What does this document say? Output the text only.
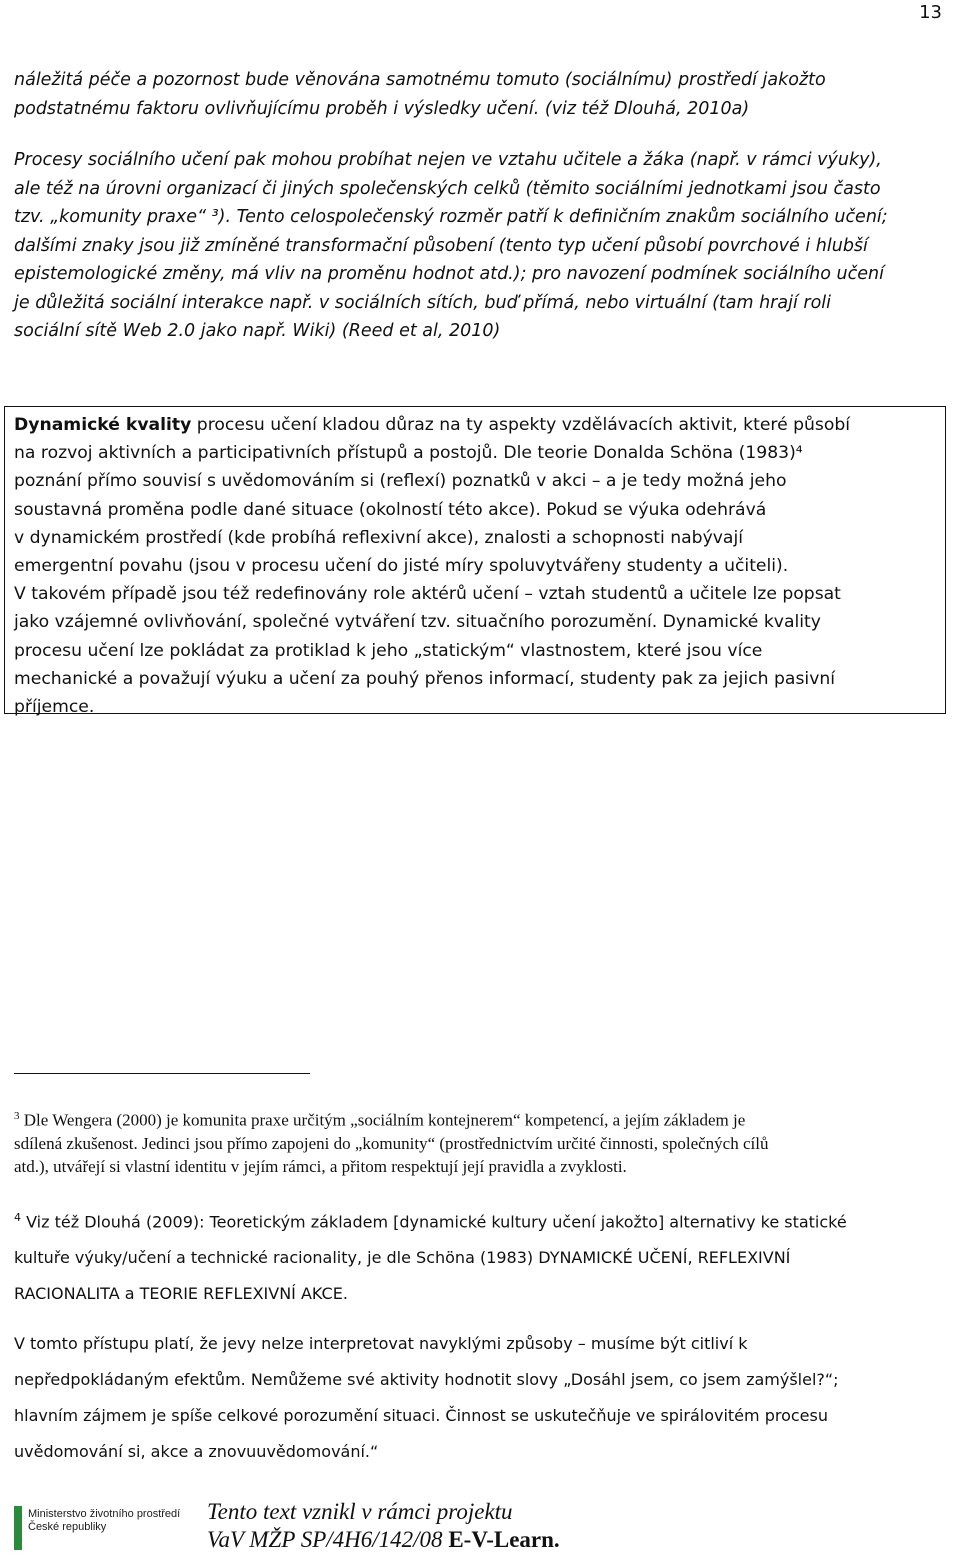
13
náležitá péče a pozornost bude věnována samotnému tomuto (sociálnímu) prostředí jakožto
podstatnému faktoru ovlivňujícímu proběh i výsledky učení. (viz též Dlouhá, 2010a)
Procesy sociálního učení pak mohou probíhat nejen ve vztahu učitele a žáka (např. v rámci výuky),
ale též na úrovni organizací či jiných společenských celků (těmito sociálními jednotkami jsou často
tzv. „komunity praxe“ ³). Tento celospolečenský rozměr patří k definičním znakům sociálního učení;
dalšími znaky jsou již zmíněné transformační působení (tento typ učení působí povrchové i hlubší
epistemologické změny, má vliv na proměnu hodnot atd.); pro navození podmínek sociálního učení
je důležitá sociální interakce např. v sociálních sítích, buď přímá, nebo virtuální (tam hrají roli
sociální sítě Web 2.0 jako např. Wiki) (Reed et al, 2010)
Dynamické kvality procesu učení kladou důraz na ty aspekty vzdělávacích aktivit, které působí
na rozvoj aktivních a participativních přístupů a postojů. Dle teorie Donalda Schöna (1983)⁴
poznání přímo souvisí s uvědomováním si (reflexí) poznatků v akci – a je tedy možná jeho
soustavná proměna podle dané situace (okolností této akce). Pokud se výuka odehrává
v dynamickém prostředí (kde probíhá reflexivní akce), znalosti a schopnosti nabývají
emergentní povahu (jsou v procesu učení do jisté míry spoluvytvářeny studenty a učiteli).
V takovém případě jsou též redefinovány role aktérů učení – vztah studentů a učitele lze popsat
jako vzájemné ovlivňování, společné vytváření tzv. situačního porozumění. Dynamické kvality
procesu učení lze pokládat za protiklad k jeho „statickým“ vlastnostem, které jsou více
mechanické a považují výuku a učení za pouhý přenos informací, studenty pak za jejich pasivní
příjemce.
$^3$ Dle Wengera (2000) je komunita praxe určitým „sociálním kontejnerem“ kompetencí, a jejím základem je
sdílená zkušenost. Jedinci jsou přímo zapojeni do „komunity“ (prostřednictvím určité činnosti, společných cílů
atd.), utvářejí si vlastní identitu v jejím rámci, a přitom respektují její pravidla a zvyklosti.
$^4$ Viz též Dlouhá (2009): Teoretickým základem [dynamické kultury učení jakožto] alternativy ke statické
kultuře výuky/učení a technické racionality, je dle Schöna (1983) DYNAMICKÉ UČENÍ, REFLEXIVNÍ
RACIONALITA a TEORIE REFLEXIVNÍ AKCE.
V tomto přístupu platí, že jevy nelze interpretovat navyklými způsoby – musíme být citliví k
nepředpokládaným efektům. Nemůžeme své aktivity hodnotit slovy „Dosáhl jsem, co jsem zamýšlel?“;
hlavním zájmem je spíše celkové porozumění situaci. Činnost se uskutečňuje ve spirálovitém procesu
uvědomování si, akce a znovuuvědomování.“
Ministerstvo životního prostředí
České republiky
Tento text vznikl v rámci projektu
VaV MŽP SP/4H6/142/08 E-V-Learn.
